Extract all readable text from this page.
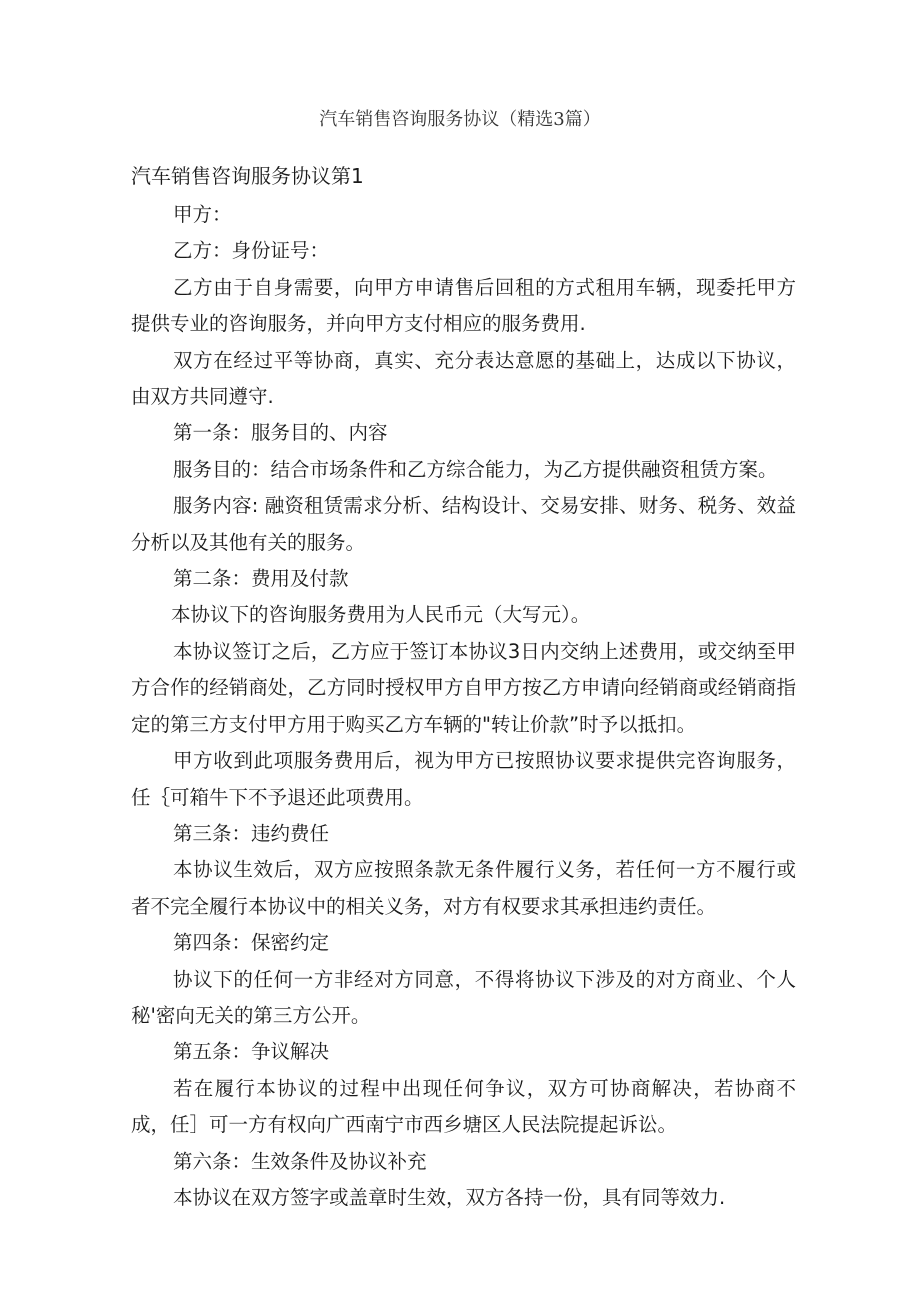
汽车销售咨询服务协议（精选3篇）
汽车销售咨询服务协议第1

甲方：

乙方：身份证号：

乙方由于自身需要，向甲方申请售后回租的方式租用车辆，现委托甲方提供专业的咨询服务，并向甲方支付相应的服务费用.

双方在经过平等协商，真实、充分表达意愿的基础上，达成以下协议，由双方共同遵守.

第一条：服务目的、内容

服务目的：结合市场条件和乙方综合能力，为乙方提供融资租赁方案。

服务内容: 融资租赁需求分析、结构设计、交易安排、财务、税务、效益分析以及其他有关的服务。

第二条：费用及付款

本协议下的咨询服务费用为人民币元（大写元）。

本协议签订之后，乙方应于签订本协议3日内交纳上述费用，或交纳至甲方合作的经销商处，乙方同时授权甲方自甲方按乙方申请向经销商或经销商指定的第三方支付甲方用于购买乙方车辆的"转让价款”时予以抵扣。

甲方收到此项服务费用后，视为甲方已按照协议要求提供完咨询服务，任｛可箱牛下不予退还此项费用。

第三条：违约费任

本协议生效后，双方应按照条款无条件履行义务，若任何一方不履行或者不完全履行本协议中的相关义务，对方有权要求其承担违约责任。

第四条：保密约定

协议下的任何一方非经对方同意，不得将协议下涉及的对方商业、个人秘'密向无关的第三方公开。

第五条：争议解决

若在履行本协议的过程中出现任何争议，双方可协商解决，若协商不成，任］可一方有权向广西南宁市西乡塘区人民法院提起诉讼。

第六条：生效条件及协议补充

本协议在双方签字或盖章时生效，双方各持一份，具有同等效力.
